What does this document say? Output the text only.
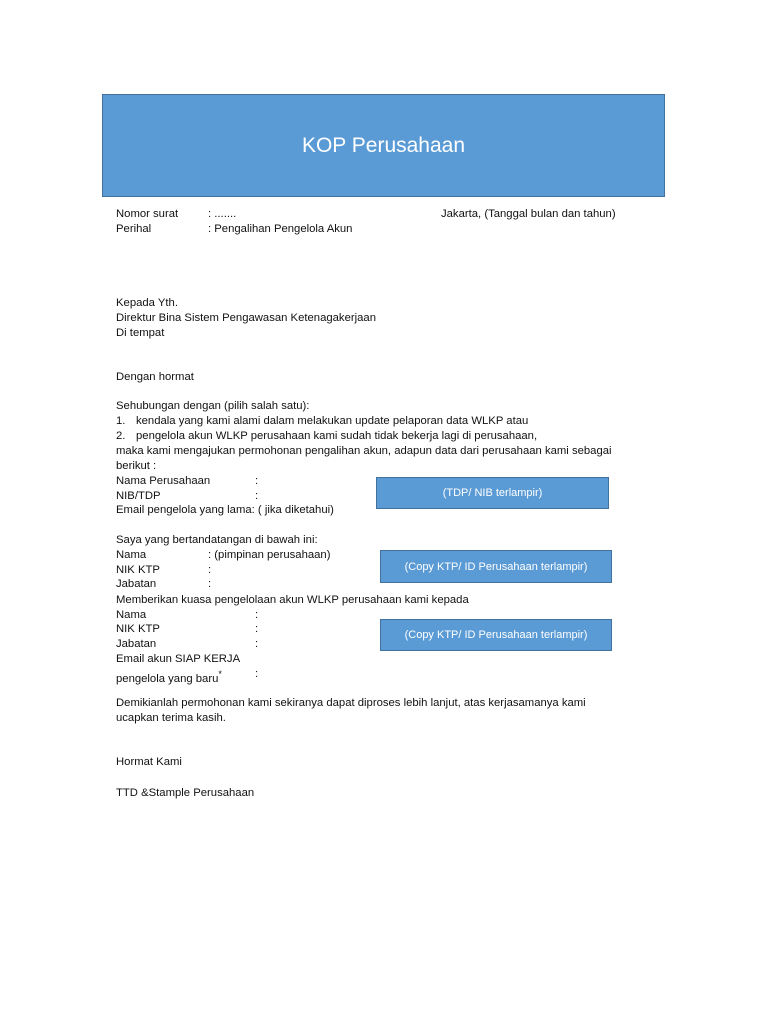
KOP Perusahaan
Nomor surat	: .......	Jakarta, (Tanggal bulan dan tahun)
Perihal	: Pengalihan Pengelola Akun
Kepada Yth.
Direktur Bina Sistem Pengawasan Ketenagakerjaan
Di tempat
Dengan hormat
Sehubungan dengan (pilih salah satu):
1. kendala yang kami alami dalam melakukan update pelaporan data WLKP atau
2. pengelola akun WLKP perusahaan kami sudah tidak bekerja lagi di perusahaan,
maka kami mengajukan permohonan pengalihan akun, adapun data dari perusahaan kami sebagai
berikut :
Nama Perusahaan	:
NIB/TDP	:
Email pengelola yang lama: ( jika diketahui)
(TDP/ NIB terlampir)
Saya yang bertandatangan di bawah ini:
Nama	: (pimpinan perusahaan)
NIK KTP	:
Jabatan	:
(Copy KTP/ ID Perusahaan terlampir)
Memberikan kuasa pengelolaan akun WLKP perusahaan kami kepada
Nama	:
NIK KTP	:
Jabatan	:
Email akun SIAP KERJA
pengelola yang baru*	:
(Copy KTP/ ID Perusahaan terlampir)
Demikianlah permohonan kami sekiranya dapat diproses lebih lanjut, atas kerjasamanya kami
ucapkan terima kasih.
Hormat Kami
TTD &Stample Perusahaan
